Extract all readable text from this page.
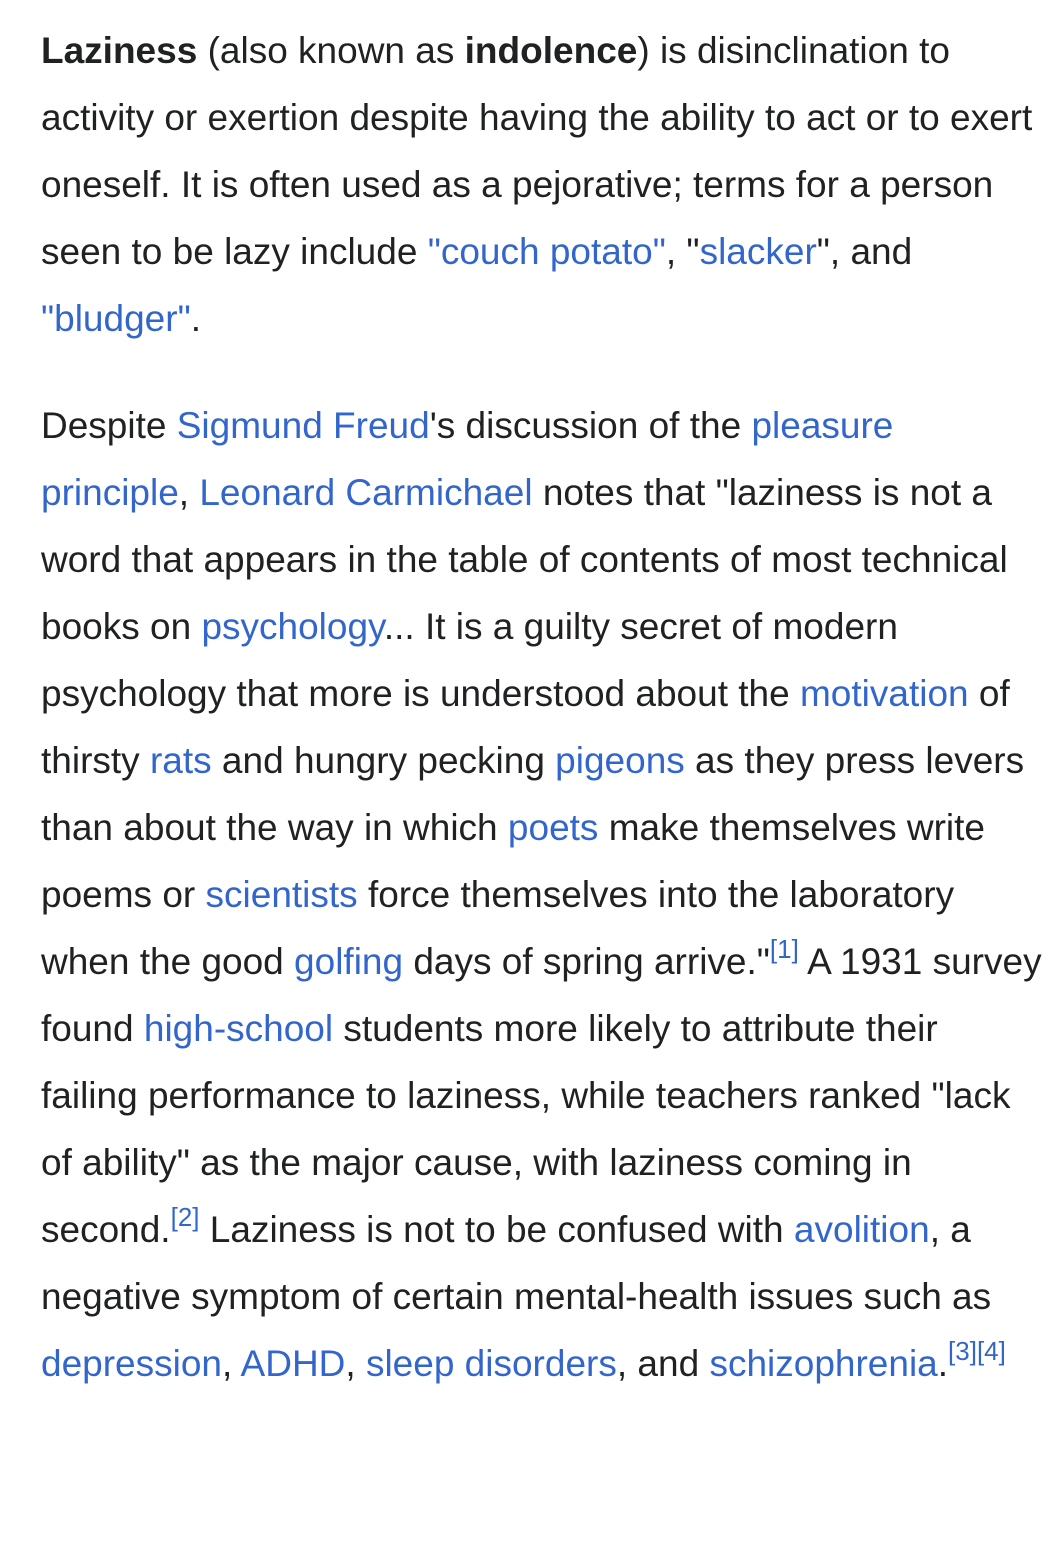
Laziness (also known as indolence) is disinclination to activity or exertion despite having the ability to act or to exert oneself. It is often used as a pejorative; terms for a person seen to be lazy include "couch potato", "slacker", and "bludger".

Despite Sigmund Freud's discussion of the pleasure principle, Leonard Carmichael notes that "laziness is not a word that appears in the table of contents of most technical books on psychology... It is a guilty secret of modern psychology that more is understood about the motivation of thirsty rats and hungry pecking pigeons as they press levers than about the way in which poets make themselves write poems or scientists force themselves into the laboratory when the good golfing days of spring arrive."[1] A 1931 survey found high-school students more likely to attribute their failing performance to laziness, while teachers ranked "lack of ability" as the major cause, with laziness coming in second.[2] Laziness is not to be confused with avolition, a negative symptom of certain mental-health issues such as depression, ADHD, sleep disorders, and schizophrenia.[3][4]
